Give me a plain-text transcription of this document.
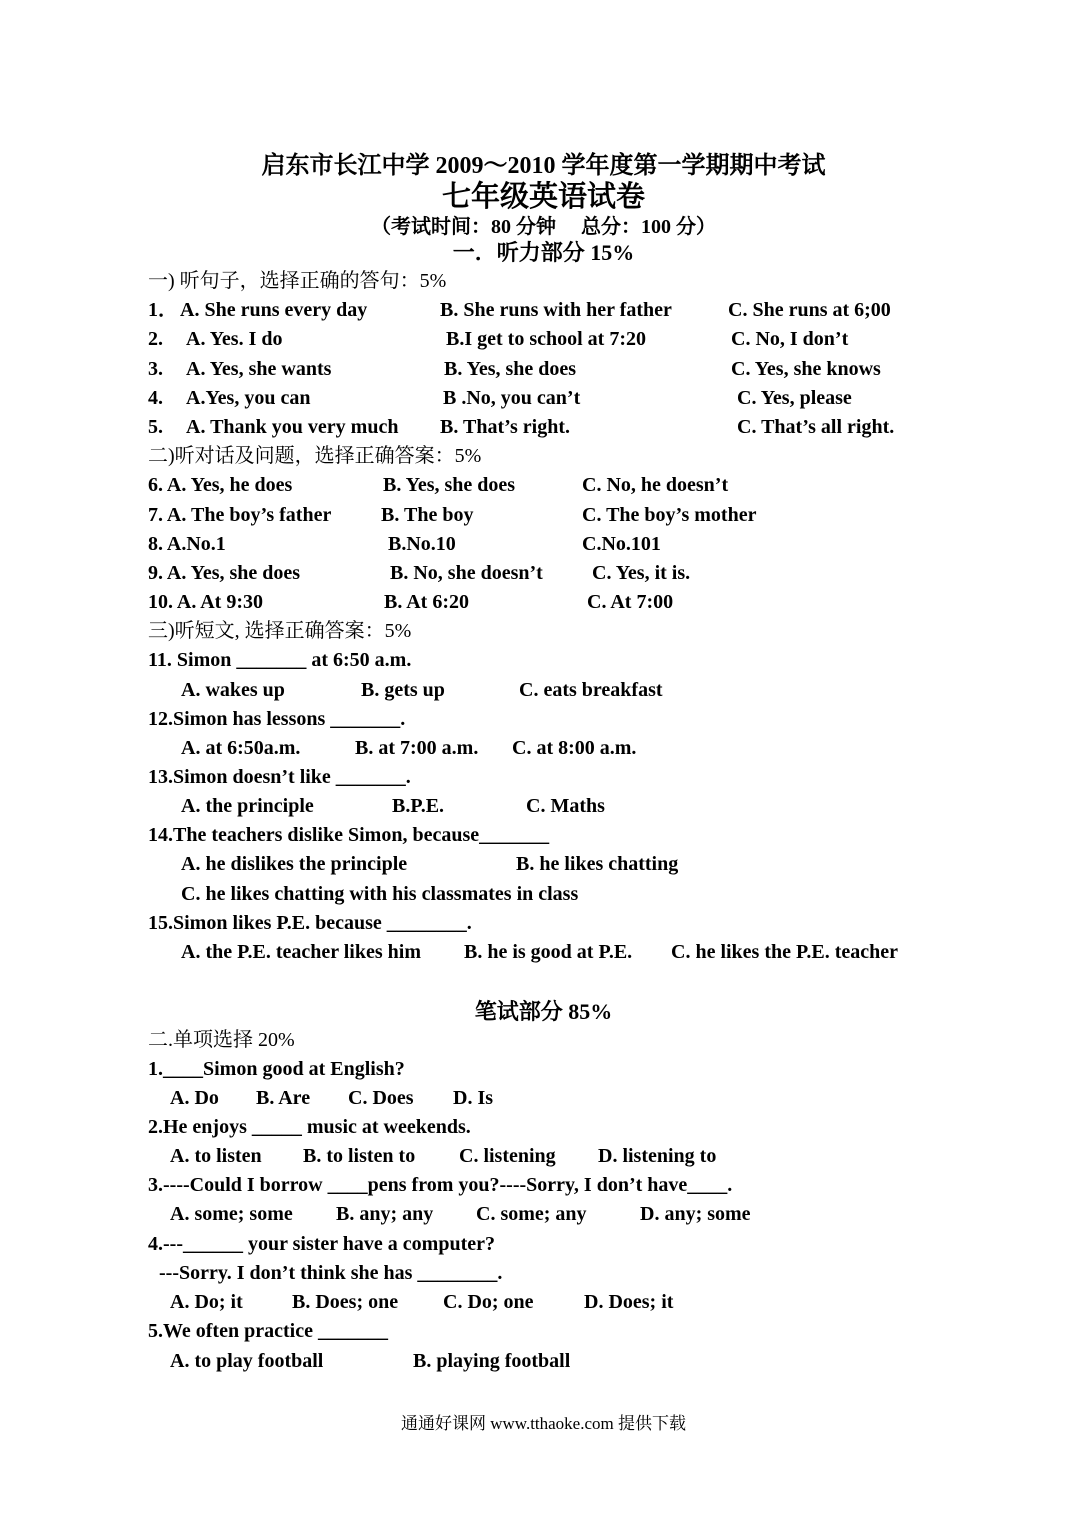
启东市长江中学 2009～2010 学年度第一学期期中考试
七年级英语试卷
（考试时间：80 分钟　 总分：100 分）
一．听力部分 15%
一) 听句子，选择正确的答句：5%
1． A. She runs every day	B. She runs with her father	C. She runs at 6;00
2. A. Yes. I do	B.I get to school at 7:20	C. No, I don’t
3. A. Yes, she wants	B. Yes, she does	C. Yes, she knows
4. A.Yes, you can	B .No, you can’t	C. Yes, please
5. A. Thank you very much B. That’s right.	C. That’s all right.
二)听对话及问题，选择正确答案：5%
6. A. Yes, he does	B. Yes, she does	C. No, he doesn’t
7. A. The boy’s father B. The boy	C. The boy’s mother
8. A.No.1	B.No.10	C.No.101
9. A. Yes, she does	B. No, she doesn’t C. Yes, it is.
10. A. At 9:30	B. At 6:20	C. At 7:00
三)听短文, 选择正确答案：5%
11. Simon _______ at 6:50 a.m.
A. wakes up	B. gets up	C. eats breakfast
12.Simon has lessons _______.
A. at 6:50a.m.	B. at 7:00 a.m. C. at 8:00 a.m.
13.Simon doesn’t like _______.
A. the principle	B.P.E.	C. Maths
14.The teachers dislike Simon, because_______
A. he dislikes the principle	B. he likes chatting
C. he likes chatting with his classmates in class
15.Simon likes P.E. because ________.
A. the P.E. teacher likes him B. he is good at P.E. C. he likes the P.E. teacher
笔试部分 85%
二.单项选择 20%
1.____Simon good at English?
A. Do B. Are C. Does D. Is
2.He enjoys _____ music at weekends.
A. to listen B. to listen to C. listening D. listening to
3.----Could I borrow ____pens from you?----Sorry, I don’t have____.
A. some; some B. any; any C. some; any	D. any; some
4.---______ your sister have a computer?
---Sorry. I don’t think she has ________.
A. Do; it B. Does; one C. Do; one	D. Does; it
5.We often practice _______
A. to play football	B. playing football
通通好课网 www.tthaoke.com 提供下载
